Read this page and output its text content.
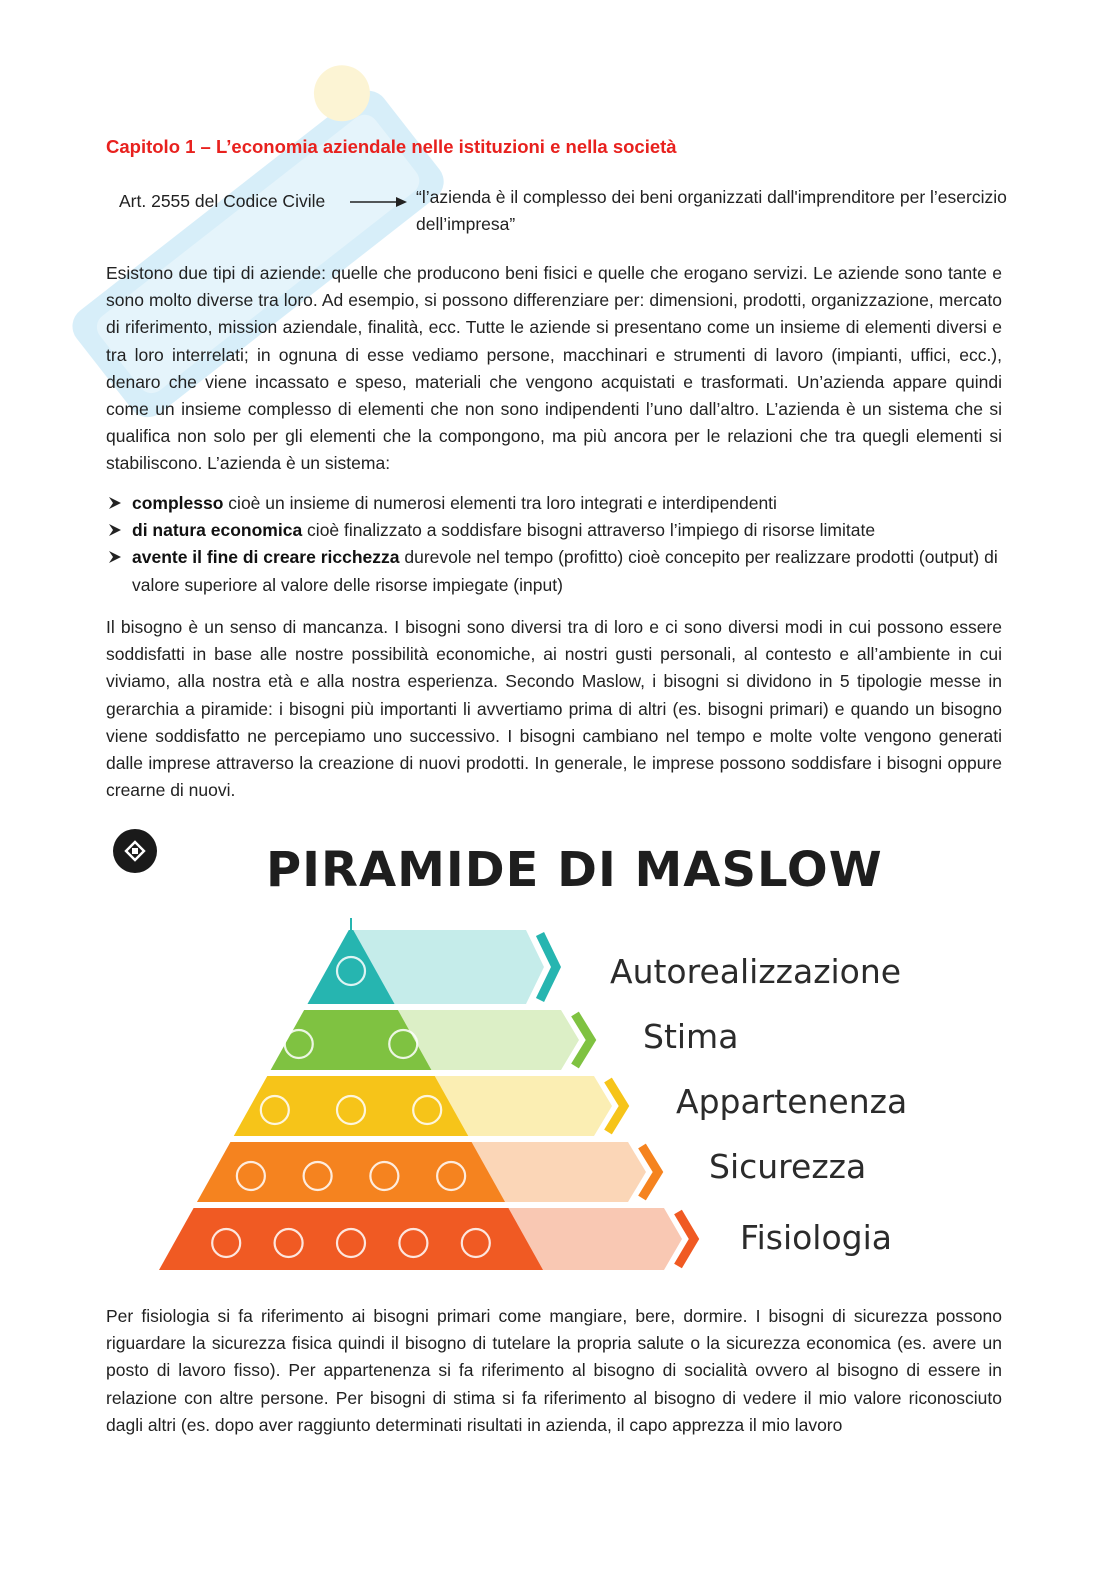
Capitolo 1 – L’economia aziendale nelle istituzioni e nella società
Art. 2555 del Codice Civile	“l’azienda è il complesso dei beni organizzati dall'imprenditore per l’esercizio dell’impresa”

Esistono due tipi di aziende: quelle che producono beni fisici e quelle che erogano servizi. Le aziende sono tante e sono molto diverse tra loro. Ad esempio, si possono differenziare per: dimensioni, prodotti, organizzazione, mercato di riferimento, mission aziendale, finalità, ecc. Tutte le aziende si presentano come un insieme di elementi diversi e tra loro interrelati; in ognuna di esse vediamo persone, macchinari e strumenti di lavoro (impianti, uffici, ecc.), denaro che viene incassato e speso, materiali che vengono acquistati e trasformati. Un’azienda appare quindi come un insieme complesso di elementi che non sono indipendenti l’uno dall’altro. L’azienda è un sistema che si qualifica non solo per gli elementi che la compongono, ma più ancora per le relazioni che tra quegli elementi si stabiliscono. L’azienda è un sistema:

complesso cioè un insieme di numerosi elementi tra loro integrati e interdipendenti
di natura economica cioè finalizzato a soddisfare bisogni attraverso l’impiego di risorse limitate
avente il fine di creare ricchezza durevole nel tempo (profitto) cioè concepito per realizzare prodotti (output) di valore superiore al valore delle risorse impiegate (input)

Il bisogno è un senso di mancanza. I bisogni sono diversi tra di loro e ci sono diversi modi in cui possono essere soddisfatti in base alle nostre possibilità economiche, ai nostri gusti personali, al contesto e all’ambiente in cui viviamo, alla nostra età e alla nostra esperienza. Secondo Maslow, i bisogni si dividono in 5 tipologie messe in gerarchia a piramide: i bisogni più importanti li avvertiamo prima di altri (es. bisogni primari) e quando un bisogno viene soddisfatto ne percepiamo uno successivo. I bisogni cambiano nel tempo e molte volte vengono generati dalle imprese attraverso la creazione di nuovi prodotti. In generale, le imprese possono soddisfare i bisogni oppure crearne di nuovi.

PIRAMIDE DI MASLOW
Autorealizzazione
Stima
Appartenenza
Sicurezza
Fisiologia

Per fisiologia si fa riferimento ai bisogni primari come mangiare, bere, dormire. I bisogni di sicurezza possono riguardare la sicurezza fisica quindi il bisogno di tutelare la propria salute o la sicurezza economica (es. avere un posto di lavoro fisso). Per appartenenza si fa riferimento al bisogno di socialità ovvero al bisogno di essere in relazione con altre persone. Per bisogni di stima si fa riferimento al bisogno di vedere il mio valore riconosciuto dagli altri (es. dopo aver raggiunto determinati risultati in azienda, il capo apprezza il mio lavoro
